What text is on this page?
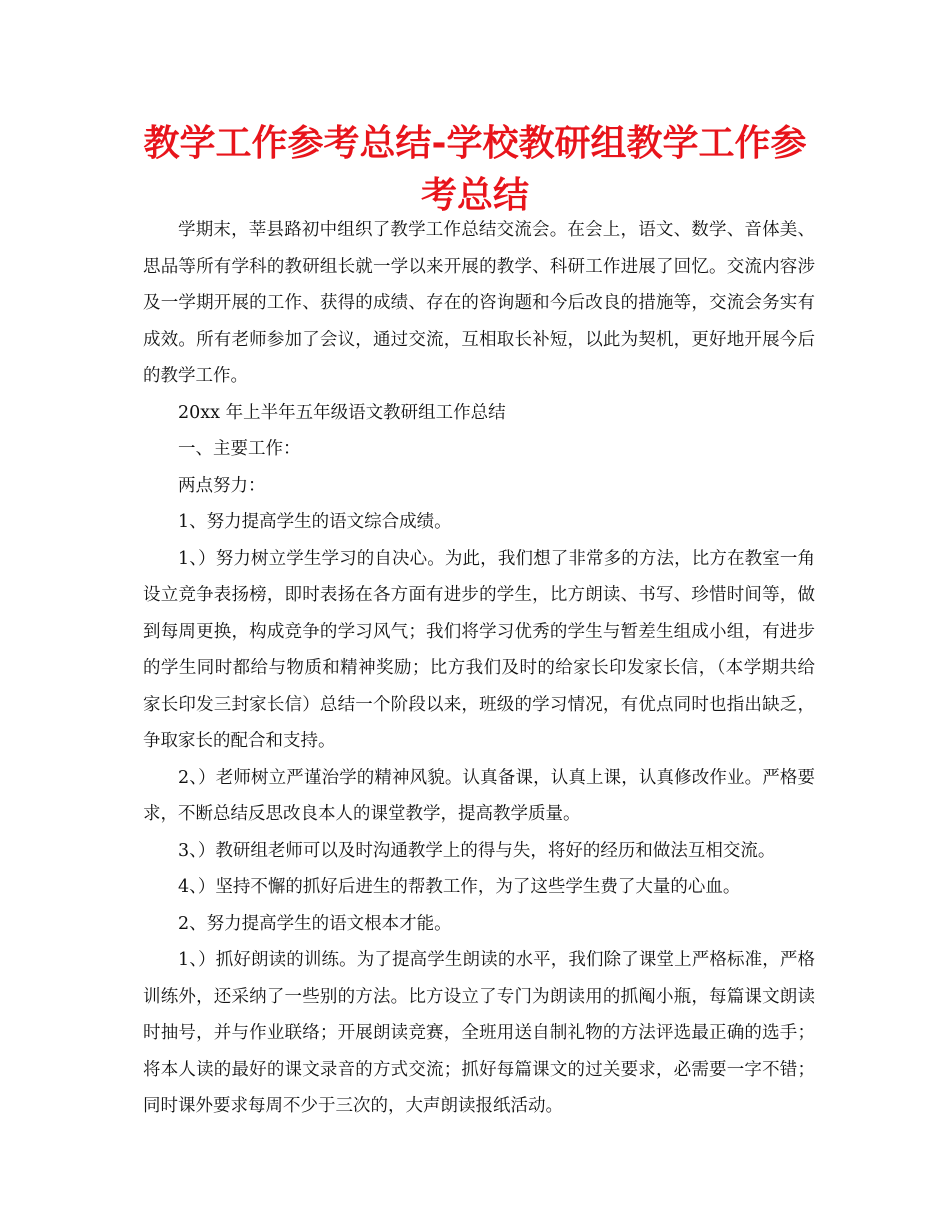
教学工作参考总结-学校教研组教学工作参考总结

学期末，莘县路初中组织了教学工作总结交流会。在会上，语文、数学、音体美、思品等所有学科的教研组长就一学以来开展的教学、科研工作进展了回忆。交流内容涉及一学期开展的工作、获得的成绩、存在的咨询题和今后改良的措施等，交流会务实有成效。所有老师参加了会议，通过交流，互相取长补短，以此为契机，更好地开展今后的教学工作。

20xx 年上半年五年级语文教研组工作总结

一、主要工作：

两点努力：

1、努力提高学生的语文综合成绩。

1、）努力树立学生学习的自决心。为此，我们想了非常多的方法，比方在教室一角设立竞争表扬榜，即时表扬在各方面有进步的学生，比方朗读、书写、珍惜时间等，做到每周更换，构成竞争的学习风气；我们将学习优秀的学生与暂差生组成小组，有进步的学生同时都给与物质和精神奖励；比方我们及时的给家长印发家长信，（本学期共给家长印发三封家长信）总结一个阶段以来，班级的学习情况，有优点同时也指出缺乏，争取家长的配合和支持。

2、）老师树立严谨治学的精神风貌。认真备课，认真上课，认真修改作业。严格要求，不断总结反思改良本人的课堂教学，提高教学质量。

3、）教研组老师可以及时沟通教学上的得与失，将好的经历和做法互相交流。

4、）坚持不懈的抓好后进生的帮教工作，为了这些学生费了大量的心血。

2、努力提高学生的语文根本才能。

1、）抓好朗读的训练。为了提高学生朗读的水平，我们除了课堂上严格标准，严格训练外，还采纳了一些别的方法。比方设立了专门为朗读用的抓阄小瓶，每篇课文朗读时抽号，并与作业联络；开展朗读竞赛，全班用送自制礼物的方法评选最正确的选手；将本人读的最好的课文录音的方式交流；抓好每篇课文的过关要求，必需要一字不错；同时课外要求每周不少于三次的，大声朗读报纸活动。
